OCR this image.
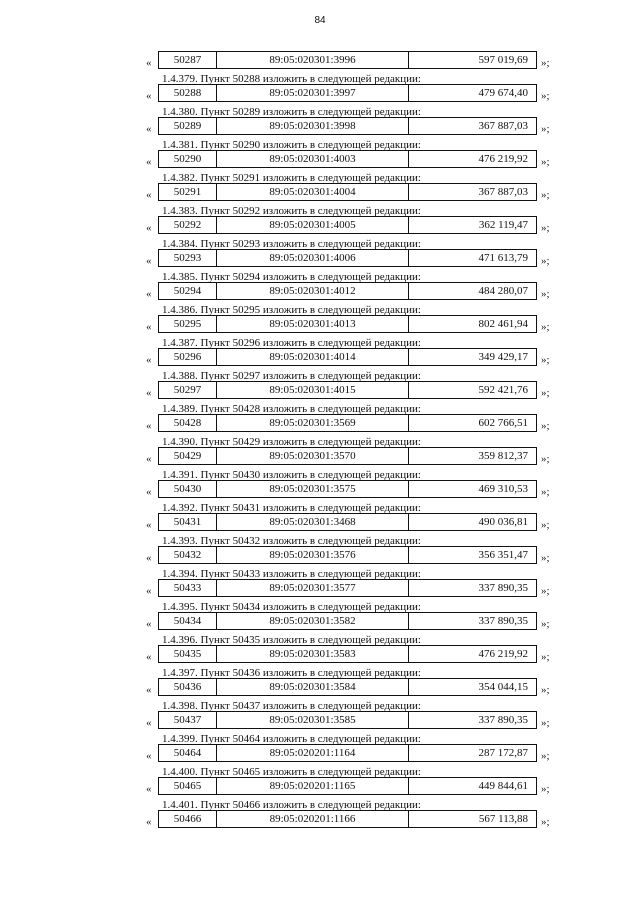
84
«	50287	89:05:020301:3996	597 019,69	»;
1.4.379. Пункт 50288 изложить в следующей редакции:
«	50288	89:05:020301:3997	479 674,40	»;
1.4.380. Пункт 50289 изложить в следующей редакции:
«	50289	89:05:020301:3998	367 887,03	»;
1.4.381. Пункт 50290 изложить в следующей редакции:
«	50290	89:05:020301:4003	476 219,92	»;
1.4.382. Пункт 50291 изложить в следующей редакции:
«	50291	89:05:020301:4004	367 887,03	»;
1.4.383. Пункт 50292 изложить в следующей редакции:
«	50292	89:05:020301:4005	362 119,47	»;
1.4.384. Пункт 50293 изложить в следующей редакции:
«	50293	89:05:020301:4006	471 613,79	»;
1.4.385. Пункт 50294 изложить в следующей редакции:
«	50294	89:05:020301:4012	484 280,07	»;
1.4.386. Пункт 50295 изложить в следующей редакции:
«	50295	89:05:020301:4013	802 461,94	»;
1.4.387. Пункт 50296 изложить в следующей редакции:
«	50296	89:05:020301:4014	349 429,17	»;
1.4.388. Пункт 50297 изложить в следующей редакции:
«	50297	89:05:020301:4015	592 421,76	»;
1.4.389. Пункт 50428 изложить в следующей редакции:
«	50428	89:05:020301:3569	602 766,51	»;
1.4.390. Пункт 50429 изложить в следующей редакции:
«	50429	89:05:020301:3570	359 812,37	»;
1.4.391. Пункт 50430 изложить в следующей редакции:
«	50430	89:05:020301:3575	469 310,53	»;
1.4.392. Пункт 50431 изложить в следующей редакции:
«	50431	89:05:020301:3468	490 036,81	»;
1.4.393. Пункт 50432 изложить в следующей редакции:
«	50432	89:05:020301:3576	356 351,47	»;
1.4.394. Пункт 50433 изложить в следующей редакции:
«	50433	89:05:020301:3577	337 890,35	»;
1.4.395. Пункт 50434 изложить в следующей редакции:
«	50434	89:05:020301:3582	337 890,35	»;
1.4.396. Пункт 50435 изложить в следующей редакции:
«	50435	89:05:020301:3583	476 219,92	»;
1.4.397. Пункт 50436 изложить в следующей редакции:
«	50436	89:05:020301:3584	354 044,15	»;
1.4.398. Пункт 50437 изложить в следующей редакции:
«	50437	89:05:020301:3585	337 890,35	»;
1.4.399. Пункт 50464 изложить в следующей редакции:
«	50464	89:05:020201:1164	287 172,87	»;
1.4.400. Пункт 50465 изложить в следующей редакции:
«	50465	89:05:020201:1165	449 844,61	»;
1.4.401. Пункт 50466 изложить в следующей редакции:
«	50466	89:05:020201:1166	567 113,88	»;
